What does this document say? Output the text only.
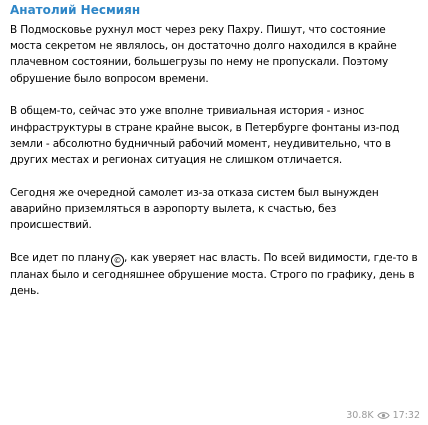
Анатолий Несмиян

В Подмосковье рухнул мост через реку Пахру. Пишут, что состояние моста секретом не являлось, он достаточно долго находился в крайне плачевном состоянии, большегрузы по нему не пропускали. Поэтому обрушение было вопросом времени.

В общем-то, сейчас это уже вполне тривиальная история - износ инфраструктуры в стране крайне высок, в Петербурге фонтаны из-под земли - абсолютно будничный рабочий момент, неудивительно, что в других местах и регионах ситуация не слишком отличается.

Сегодня же очередной самолет из-за отказа систем был вынужден аварийно приземляться в аэропорту вылета, к счастью, без происшествий.

Все идет по плану © , как уверяет нас власть. По всей видимости, где-то в планах было и сегодняшнее обрушение моста. Строго по графику, день в день.

30.8K 17:32
